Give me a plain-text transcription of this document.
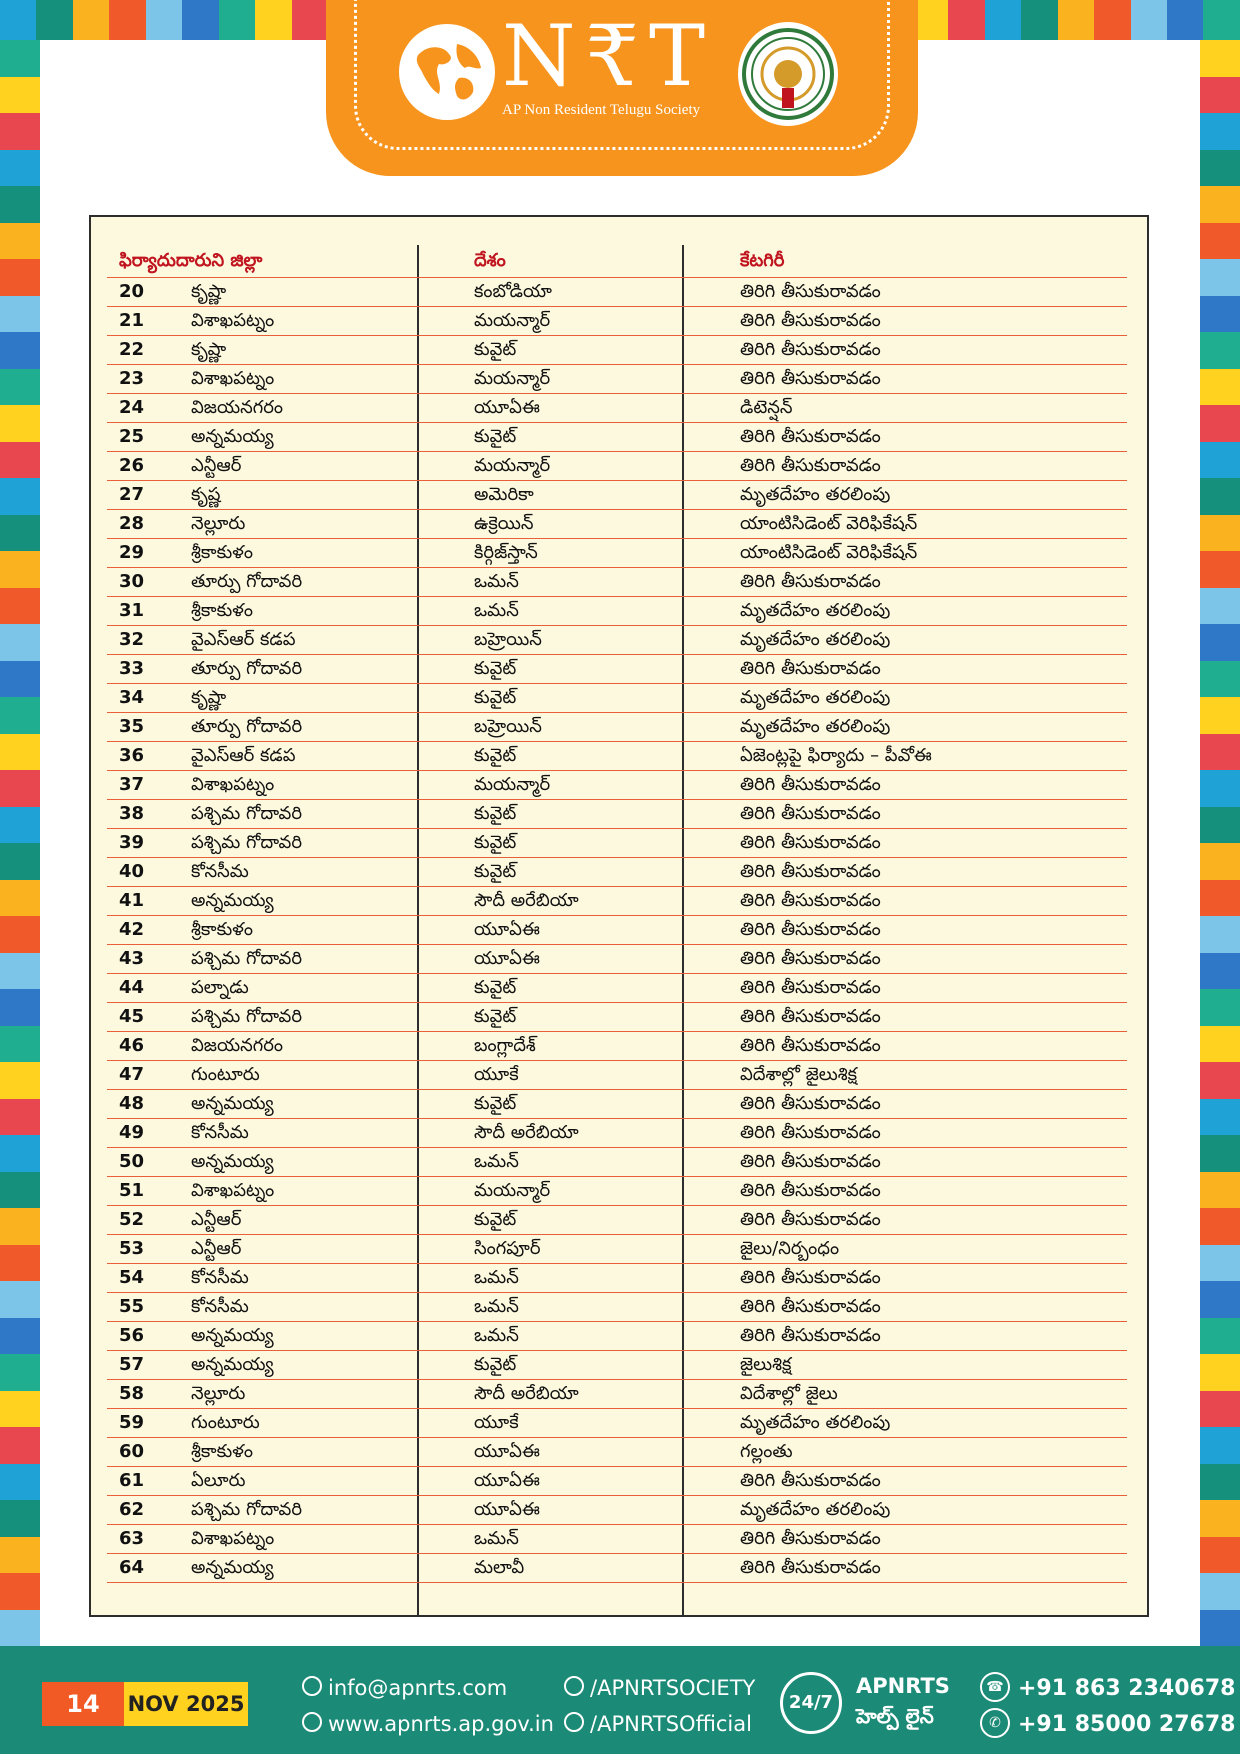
N₹T
AP Non Resident Telugu Society
ఫిర్యాదుదారుని జిల్లా	దేశం	కేటగిరీ
20	కృష్ణా	కంబోడియా	తిరిగి తీసుకురావడం
21	విశాఖపట్నం	మయన్మార్	తిరిగి తీసుకురావడం
22	కృష్ణా	కువైట్	తిరిగి తీసుకురావడం
23	విశాఖపట్నం	మయన్మార్	తిరిగి తీసుకురావడం
24	విజయనగరం	యూఏఈ	డిటెన్షన్
25	అన్నమయ్య	కువైట్	తిరిగి తీసుకురావడం
26	ఎన్టీఆర్	మయన్మార్	తిరిగి తీసుకురావడం
27	కృష్ణ	అమెరికా	మృతదేహం తరలింపు
28	నెల్లూరు	ఉక్రెయిన్	యాంటిసిడెంట్ వెరిఫికేషన్
29	శ్రీకాకుళం	కిర్గిజ్‌స్తాన్	యాంటిసిడెంట్ వెరిఫికేషన్
30	తూర్పు గోదావరి	ఒమన్	తిరిగి తీసుకురావడం
31	శ్రీకాకుళం	ఒమన్	మృతదేహం తరలింపు
32	వైఎస్ఆర్ కడప	బహ్రెయిన్	మృతదేహం తరలింపు
33	తూర్పు గోదావరి	కువైట్	తిరిగి తీసుకురావడం
34	కృష్ణా	కువైట్	మృతదేహం తరలింపు
35	తూర్పు గోదావరి	బహ్రెయిన్	మృతదేహం తరలింపు
36	వైఎస్ఆర్ కడప	కువైట్	ఏజెంట్లపై ఫిర్యాదు – పీవోఈ
37	విశాఖపట్నం	మయన్మార్	తిరిగి తీసుకురావడం
38	పశ్చిమ గోదావరి	కువైట్	తిరిగి తీసుకురావడం
39	పశ్చిమ గోదావరి	కువైట్	తిరిగి తీసుకురావడం
40	కోనసీమ	కువైట్	తిరిగి తీసుకురావడం
41	అన్నమయ్య	సౌదీ అరేబియా	తిరిగి తీసుకురావడం
42	శ్రీకాకుళం	యూఏఈ	తిరిగి తీసుకురావడం
43	పశ్చిమ గోదావరి	యూఏఈ	తిరిగి తీసుకురావడం
44	పల్నాడు	కువైట్	తిరిగి తీసుకురావడం
45	పశ్చిమ గోదావరి	కువైట్	తిరిగి తీసుకురావడం
46	విజయనగరం	బంగ్లాదేశ్	తిరిగి తీసుకురావడం
47	గుంటూరు	యూకే	విదేశాల్లో జైలుశిక్ష
48	అన్నమయ్య	కువైట్	తిరిగి తీసుకురావడం
49	కోనసీమ	సౌదీ అరేబియా	తిరిగి తీసుకురావడం
50	అన్నమయ్య	ఒమన్	తిరిగి తీసుకురావడం
51	విశాఖపట్నం	మయన్మార్	తిరిగి తీసుకురావడం
52	ఎన్టీఆర్	కువైట్	తిరిగి తీసుకురావడం
53	ఎన్టీఆర్	సింగపూర్	జైలు/నిర్బంధం
54	కోనసీమ	ఒమన్	తిరిగి తీసుకురావడం
55	కోనసీమ	ఒమన్	తిరిగి తీసుకురావడం
56	అన్నమయ్య	ఒమన్	తిరిగి తీసుకురావడం
57	అన్నమయ్య	కువైట్	జైలుశిక్ష
58	నెల్లూరు	సౌదీ అరేబియా	విదేశాల్లో జైలు
59	గుంటూరు	యూకే	మృతదేహం తరలింపు
60	శ్రీకాకుళం	యూఏఈ	గల్లంతు
61	ఏలూరు	యూఏఈ	తిరిగి తీసుకురావడం
62	పశ్చిమ గోదావరి	యూఏఈ	మృతదేహం తరలింపు
63	విశాఖపట్నం	ఒమన్	తిరిగి తీసుకురావడం
64	అన్నమయ్య	మలావీ	తిరిగి తీసుకురావడం
14	NOV 2025
info@apnrts.com
www.apnrts.ap.gov.in
/APNRTSOCIETY
/APNRTSOfficial
24/7
APNRTS
హెల్ప్ లైన్
☎ +91 863 2340678
✆ +91 85000 27678
